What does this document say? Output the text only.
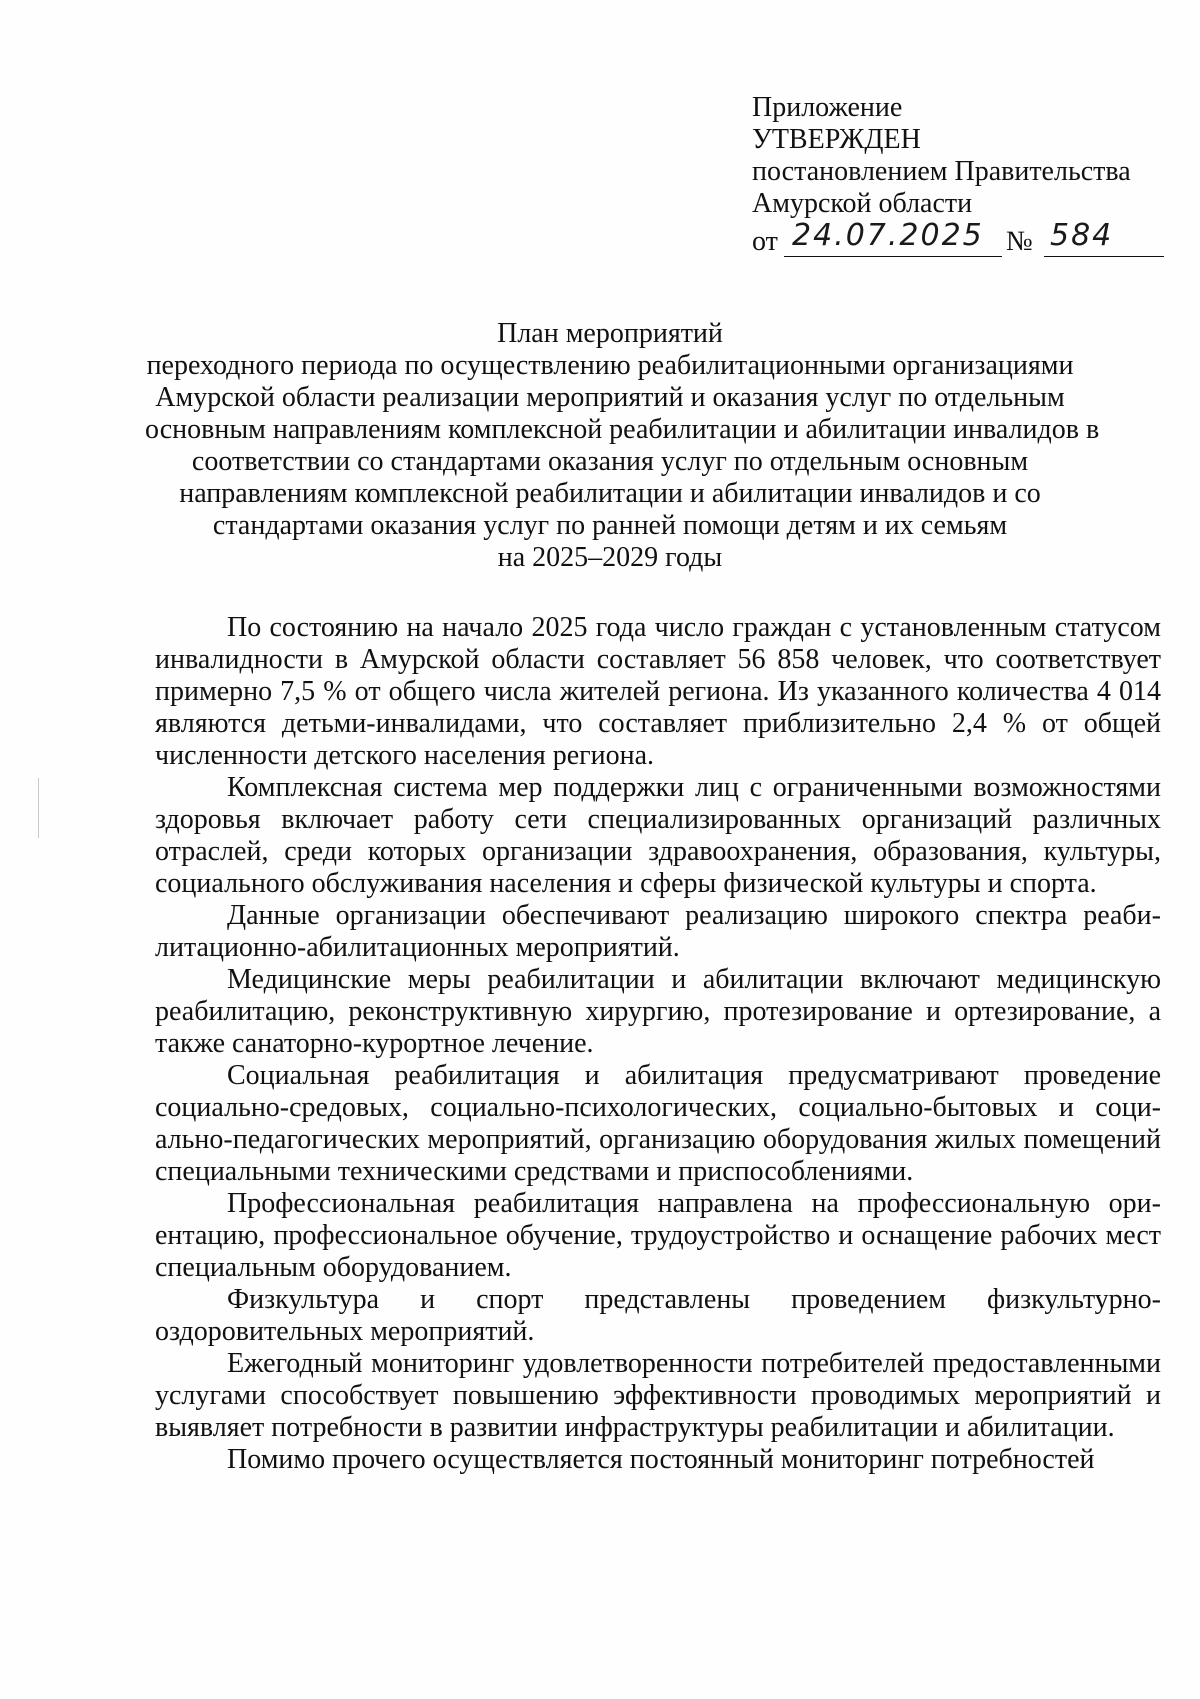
Приложение
УТВЕРЖДЕН
постановлением Правительства
Амурской области
от 24.07.2025 № 584
План мероприятий
переходного периода по осуществлению реабилитационными организациями
Амурской области реализации мероприятий и оказания услуг по отдельным
основным направлениям комплексной реабилитации и абилитации инвалидов в
соответствии со стандартами оказания услуг по отдельным основным
направлениям комплексной реабилитации и абилитации инвалидов и со
стандартами оказания услуг по ранней помощи детям и их семьям
на 2025–2029 годы

По состоянию на начало 2025 года число граждан с установленным статусом инвалидности в Амурской области составляет 56 858 человек, что соответствует примерно 7,5 % от общего числа жителей региона. Из указанного количества 4 014 являются детьми-инвалидами, что составляет приблизительно 2,4 % от общей численности детского населения региона.

Комплексная система мер поддержки лиц с ограниченными возможностями здоровья включает работу сети специализированных организаций различных отраслей, среди которых организации здравоохранения, образования, культуры, социального обслуживания населения и сферы физической культуры и спорта.

Данные организации обеспечивают реализацию широкого спектра реабилитационно-абилитационных мероприятий.

Медицинские меры реабилитации и абилитации включают медицинскую реабилитацию, реконструктивную хирургию, протезирование и ортезирование, а также санаторно-курортное лечение.

Социальная реабилитация и абилитация предусматривают проведение социально-средовых, социально-психологических, социально-бытовых и социально-педагогических мероприятий, организацию оборудования жилых помещений специальными техническими средствами и приспособлениями.

Профессиональная реабилитация направлена на профессиональную ориентацию, профессиональное обучение, трудоустройство и оснащение рабочих мест специальным оборудованием.

Физкультура и спорт представлены проведением физкультурно-оздоровительных мероприятий.

Ежегодный мониторинг удовлетворенности потребителей предоставленными услугами способствует повышению эффективности проводимых мероприятий и выявляет потребности в развитии инфраструктуры реабилитации и абилитации.

Помимо прочего осуществляется постоянный мониторинг потребностей
